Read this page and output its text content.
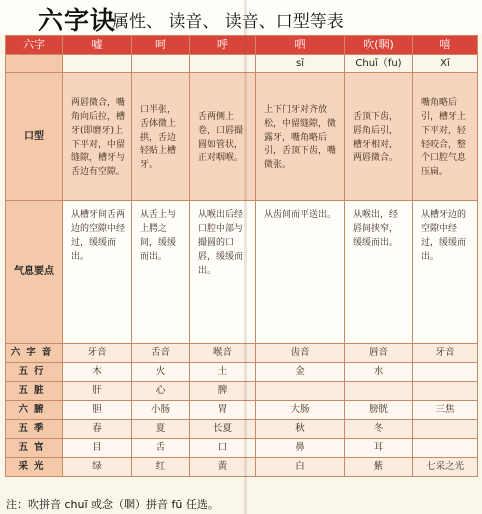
六字诀
属性、 读音、 读音、口型等表
六字	嘘	呵	呼	呬	吹(𦖉)	嘻
				sī	Chuī（fu)	Xī
口型	两唇微合，嘴角向后拉，槽牙(即磨牙)上下平对，中留缝隙，槽牙与舌边有空隙。	口半张，舌体微上拱，舌边轻贴上槽牙。	舌两侧上卷，口唇撮圆如管状，正对咽喉。	上下门牙对齐放松，中留缝隙，微露牙，嘴角略后引，舌顶下齿，嘴微张。	舌顶下齿，唇角后引，槽牙相对，两唇微合。	嘴角略后引，槽牙上下平对，轻轻咬合，整个口腔气息压扁。
气息要点	从槽牙间舌两边的空隙中经过，缓缓而出。	从舌上与上腭之间，缓缓而出。	从喉出后经口腔中部与撮圆的口唇，缓缓而出。	从齿间而平送出。	从喉出，经唇间挟窄，缓缓而出。	从槽牙边的空隙中经过，缓缓而出。
六字音	牙音	舌音	喉音	齿音	唇音	牙音
五行	木	火	土	金	水	
五脏	肝	心	脾			
六腑	胆	小肠	胃	大肠	膀胱	三焦
五季	春	夏	长夏	秋	冬	
五官	目	舌	口	鼻	耳	
采光	绿	红	黄	白	紫	七采之光
注：吹拼音 chuī 或念（𦖉）拼音 fū 任选。
